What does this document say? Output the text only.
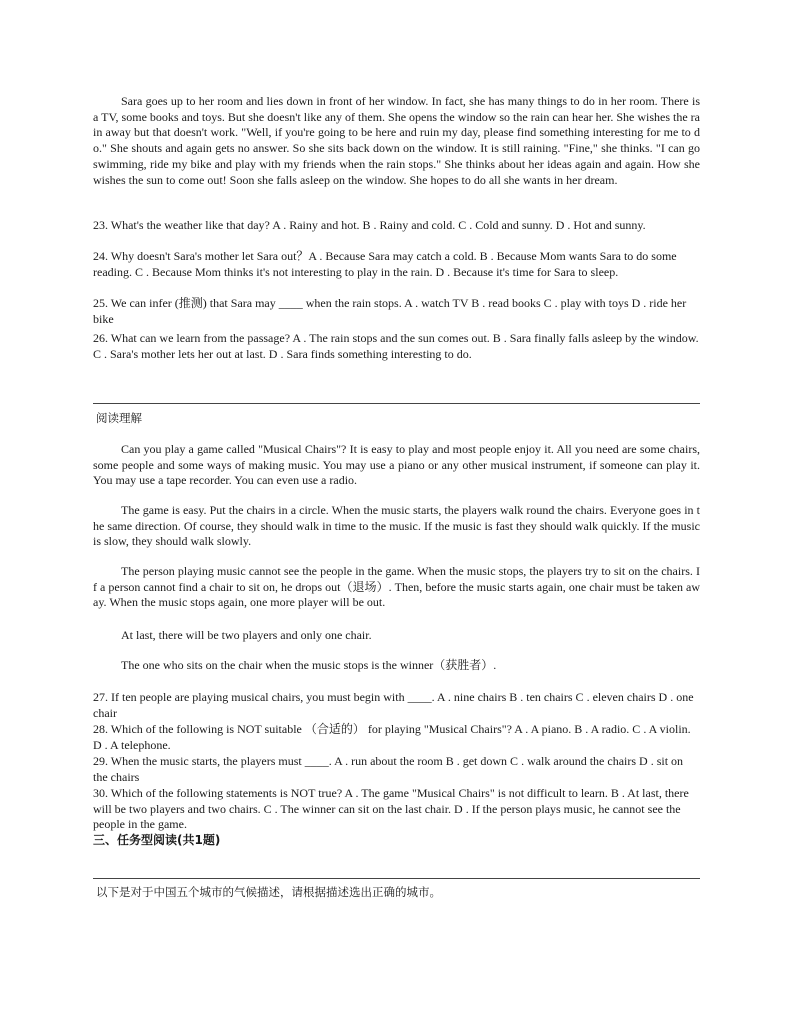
Sara goes up to her room and lies down in front of her window. In fact, she has many things to do in her room. There is a TV, some books and toys. But she doesn't like any of them. She opens the window so the rain can hear her. She wishes the rain away but that doesn't work. "Well, if you're going to be here and ruin my day, please find something interesting for me to do." She shouts and again gets no answer. So she sits back down on the window. It is still raining. "Fine," she thinks. "I can go swimming, ride my bike and play with my friends when the rain stops." She thinks about her ideas again and again. How she wishes the sun to come out! Soon she falls asleep on the window. She hopes to do all she wants in her dream.

23. What's the weather like that day? A . Rainy and hot. B . Rainy and cold. C . Cold and sunny. D . Hot and sunny.

24. Why doesn't Sara's mother let Sara out？A . Because Sara may catch a cold. B . Because Mom wants Sara to do some reading. C . Because Mom thinks it's not interesting to play in the rain. D . Because it's time for Sara to sleep.

25. We can infer (推测) that Sara may ____ when the rain stops. A . watch TV B . read books C . play with toys D . ride her bike

26. What can we learn from the passage? A . The rain stops and the sun comes out. B . Sara finally falls asleep by the window. C . Sara's mother lets her out at last. D . Sara finds something interesting to do.

阅读理解

Can you play a game called "Musical Chairs"? It is easy to play and most people enjoy it. All you need are some chairs, some people and some ways of making music. You may use a piano or any other musical instrument, if someone can play it. You may use a tape recorder. You can even use a radio.

The game is easy. Put the chairs in a circle. When the music starts, the players walk round the chairs. Everyone goes in the same direction. Of course, they should walk in time to the music. If the music is fast they should walk quickly. If the music is slow, they should walk slowly.

The person playing music cannot see the people in the game. When the music stops, the players try to sit on the chairs. If a person cannot find a chair to sit on, he drops out（退场）. Then, before the music starts again, one chair must be taken away. When the music stops again, one more player will be out.

At last, there will be two players and only one chair.

The one who sits on the chair when the music stops is the winner（获胜者）.

27. If ten people are playing musical chairs, you must begin with ____. A . nine chairs B . ten chairs C . eleven chairs D . one chair

28. Which of the following is NOT suitable （合适的） for playing "Musical Chairs"? A . A piano. B . A radio. C . A violin. D . A telephone.

29. When the music starts, the players must ____. A . run about the room B . get down C . walk around the chairs D . sit on the chairs

30. Which of the following statements is NOT true? A . The game "Musical Chairs" is not difficult to learn. B . At last, there will be two players and two chairs. C . The winner can sit on the last chair. D . If the person plays music, he cannot see the people in the game.

三、任务型阅读(共1题)

以下是对于中国五个城市的气候描述，请根据描述选出正确的城市。
